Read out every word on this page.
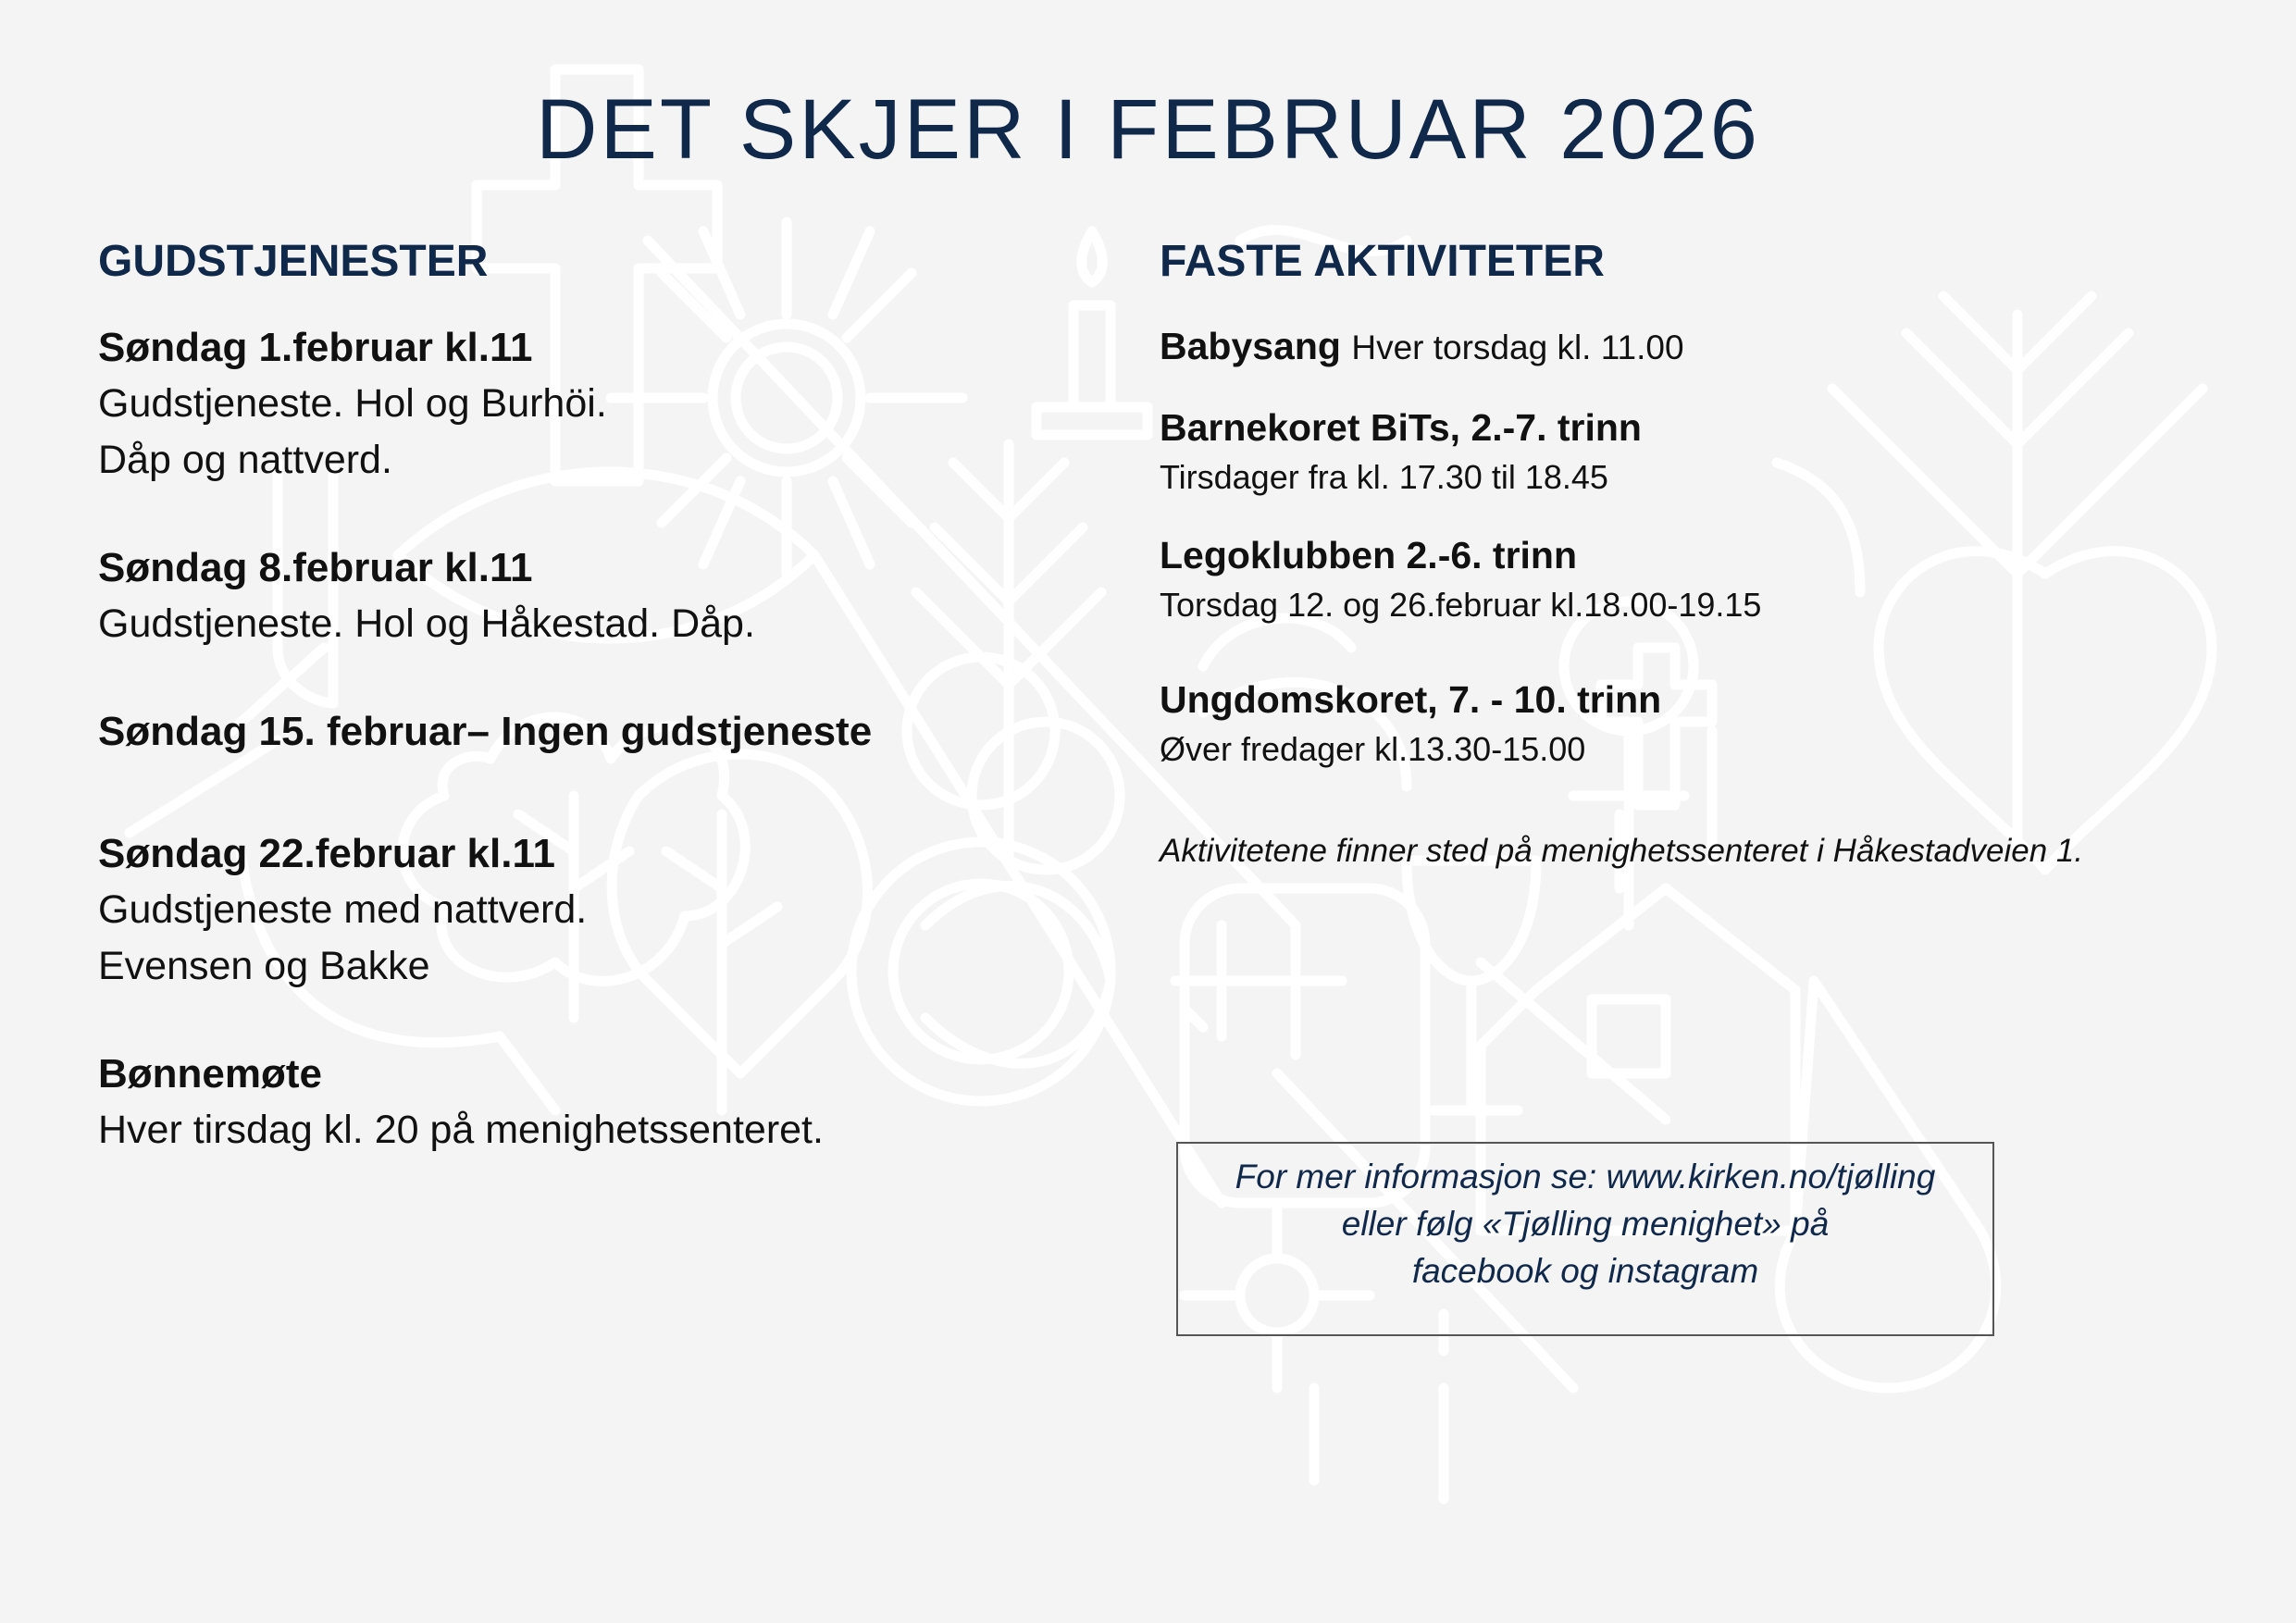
DET SKJER I FEBRUAR 2026
GUDSTJENESTER
Søndag 1.februar kl.11
Gudstjeneste. Hol og Burhöi.
Dåp og nattverd.
Søndag 8.februar kl.11
Gudstjeneste. Hol og Håkestad. Dåp.
Søndag 15. februar– Ingen gudstjeneste
Søndag 22.februar kl.11
Gudstjeneste med nattverd.
Evensen og Bakke
Bønnemøte
Hver tirsdag kl. 20 på menighetssenteret.
FASTE AKTIVITETER
Babysang Hver torsdag kl. 11.00
Barnekoret BiTs, 2.-7. trinn
Tirsdager fra kl. 17.30 til 18.45
Legoklubben 2.-6. trinn
Torsdag 12. og 26.februar kl.18.00-19.15
Ungdomskoret, 7. - 10. trinn
Øver fredager kl.13.30-15.00
Aktivitetene finner sted på menighetssenteret i Håkestadveien 1.
For mer informasjon se: www.kirken.no/tjølling
eller følg «Tjølling menighet» på
facebook og instagram
